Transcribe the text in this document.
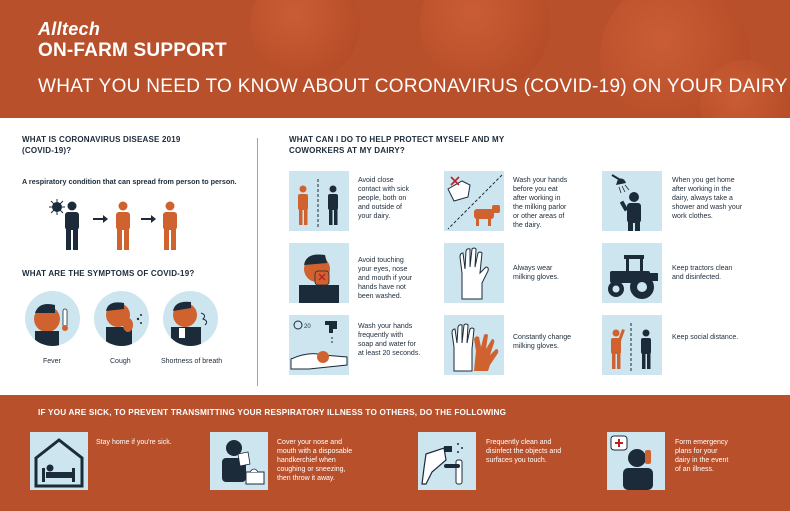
Alltech
ON-FARM SUPPORT
WHAT YOU NEED TO KNOW ABOUT CORONAVIRUS (COVID-19) ON YOUR DAIRY
WHAT IS CORONAVIRUS DISEASE 2019
(COVID-19)?
A respiratory condition that can spread from person to person.
WHAT ARE THE SYMPTOMS OF COVID-19?
Fever	Cough	Shortness of breath
WHAT CAN I DO TO HELP PROTECT MYSELF AND MY
COWORKERS AT MY DAIRY?
Avoid close
contact with sick
people, both on
and outside of
your dairy.
Avoid touching
your eyes, nose
and mouth if your
hands have not
been washed.
20	Wash your hands
frequently with
soap and water for
at least 20 seconds.
Wash your hands
before you eat
after working in
the milking parlor
or other areas of
the dairy.
Always wear
milking gloves.
Constantly change
milking gloves.
When you get home
after working in the
dairy, always take a
shower and wash your
work clothes.
Keep tractors clean
and disinfected.
Keep social distance.
IF YOU ARE SICK, TO PREVENT TRANSMITTING YOUR RESPIRATORY ILLNESS TO OTHERS, DO THE FOLLOWING
Stay home if you're sick.	Cover your nose and
mouth with a disposable
handkerchief when
coughing or sneezing,
then throw it away.
Frequently clean and
disinfect the objects and
surfaces you touch.
Form emergency
plans for your
dairy in the event
of an illness.
